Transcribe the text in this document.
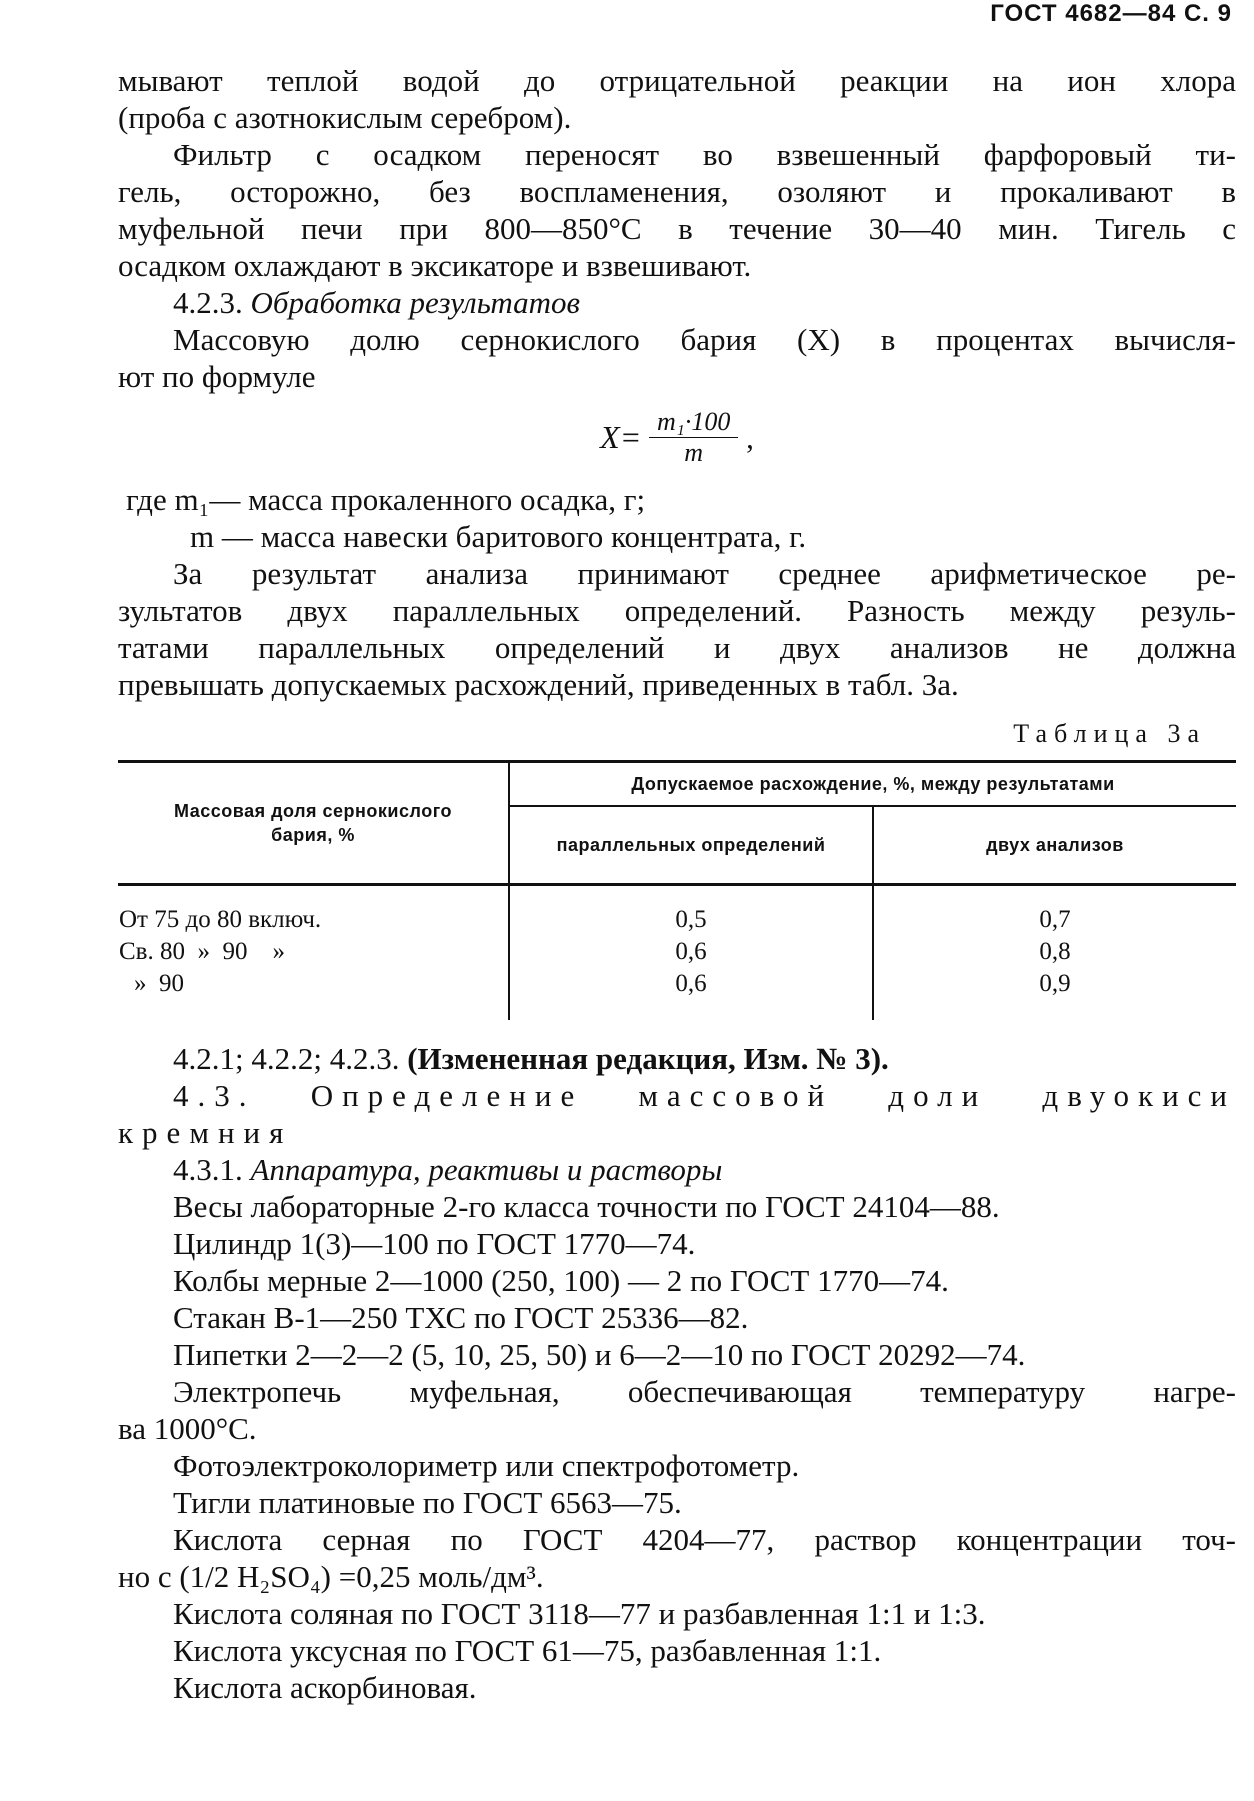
ГОСТ 4682—84 С. 9
мывают теплой водой до отрицательной реакции на ион хлора
(проба с азотнокислым серебром).
Фильтр с осадком переносят во взвешенный фарфоровый ти-
гель, осторожно, без воспламенения, озоляют и прокаливают в
муфельной печи при 800—850°С в течение 30—40 мин. Тигель с
осадком охлаждают в эксикаторе и взвешивают.
4.2.3. Обработка результатов
Массовую долю сернокислого бария (X) в процентах вычисля-
ют по формуле
$X= \frac{\text{m₁·100}}{m}$ ,
где m₁— масса прокаленного осадка, г;
m — масса навески баритового концентрата, г.
За результат анализа принимают среднее арифметическое ре-
зультатов двух параллельных определений. Разность между резуль-
татами параллельных определений и двух анализов не должна
превышать допускаемых расхождений, приведенных в табл. 3а.
Таблица 3а
Массовая доля сернокислого бария, %	Допускаемое расхождение, %, между результатами	
	параллельных определений	двух анализов
От 75 до 80 включ.	0,5	0,7
Св. 80  »  90    »	0,6	0,8
»  90	0,6	0,9
4.2.1; 4.2.2; 4.2.3. (Измененная редакция, Изм. № 3).
4.3. Определение массовой доли двуокиси
кремния
4.3.1. Аппаратура, реактивы и растворы
Весы лабораторные 2-го класса точности по ГОСТ 24104—88.
Цилиндр 1(3)—100 по ГОСТ 1770—74.
Колбы мерные 2—1000 (250, 100) — 2 по ГОСТ 1770—74.
Стакан В-1—250 ТХС по ГОСТ 25336—82.
Пипетки 2—2—2 (5, 10, 25, 50) и 6—2—10 по ГОСТ 20292—74.
Электропечь муфельная, обеспечивающая температуру нагре-
ва 1000°С.
Фотоэлектроколориметр или спектрофотометр.
Тигли платиновые по ГОСТ 6563—75.
Кислота серная по ГОСТ 4204—77, раствор концентрации точ-
но c (1/2 H₂SO₄) =0,25 моль/дм³.
Кислота соляная по ГОСТ 3118—77 и разбавленная 1:1 и 1:3.
Кислота уксусная по ГОСТ 61—75, разбавленная 1:1.
Кислота аскорбиновая.
